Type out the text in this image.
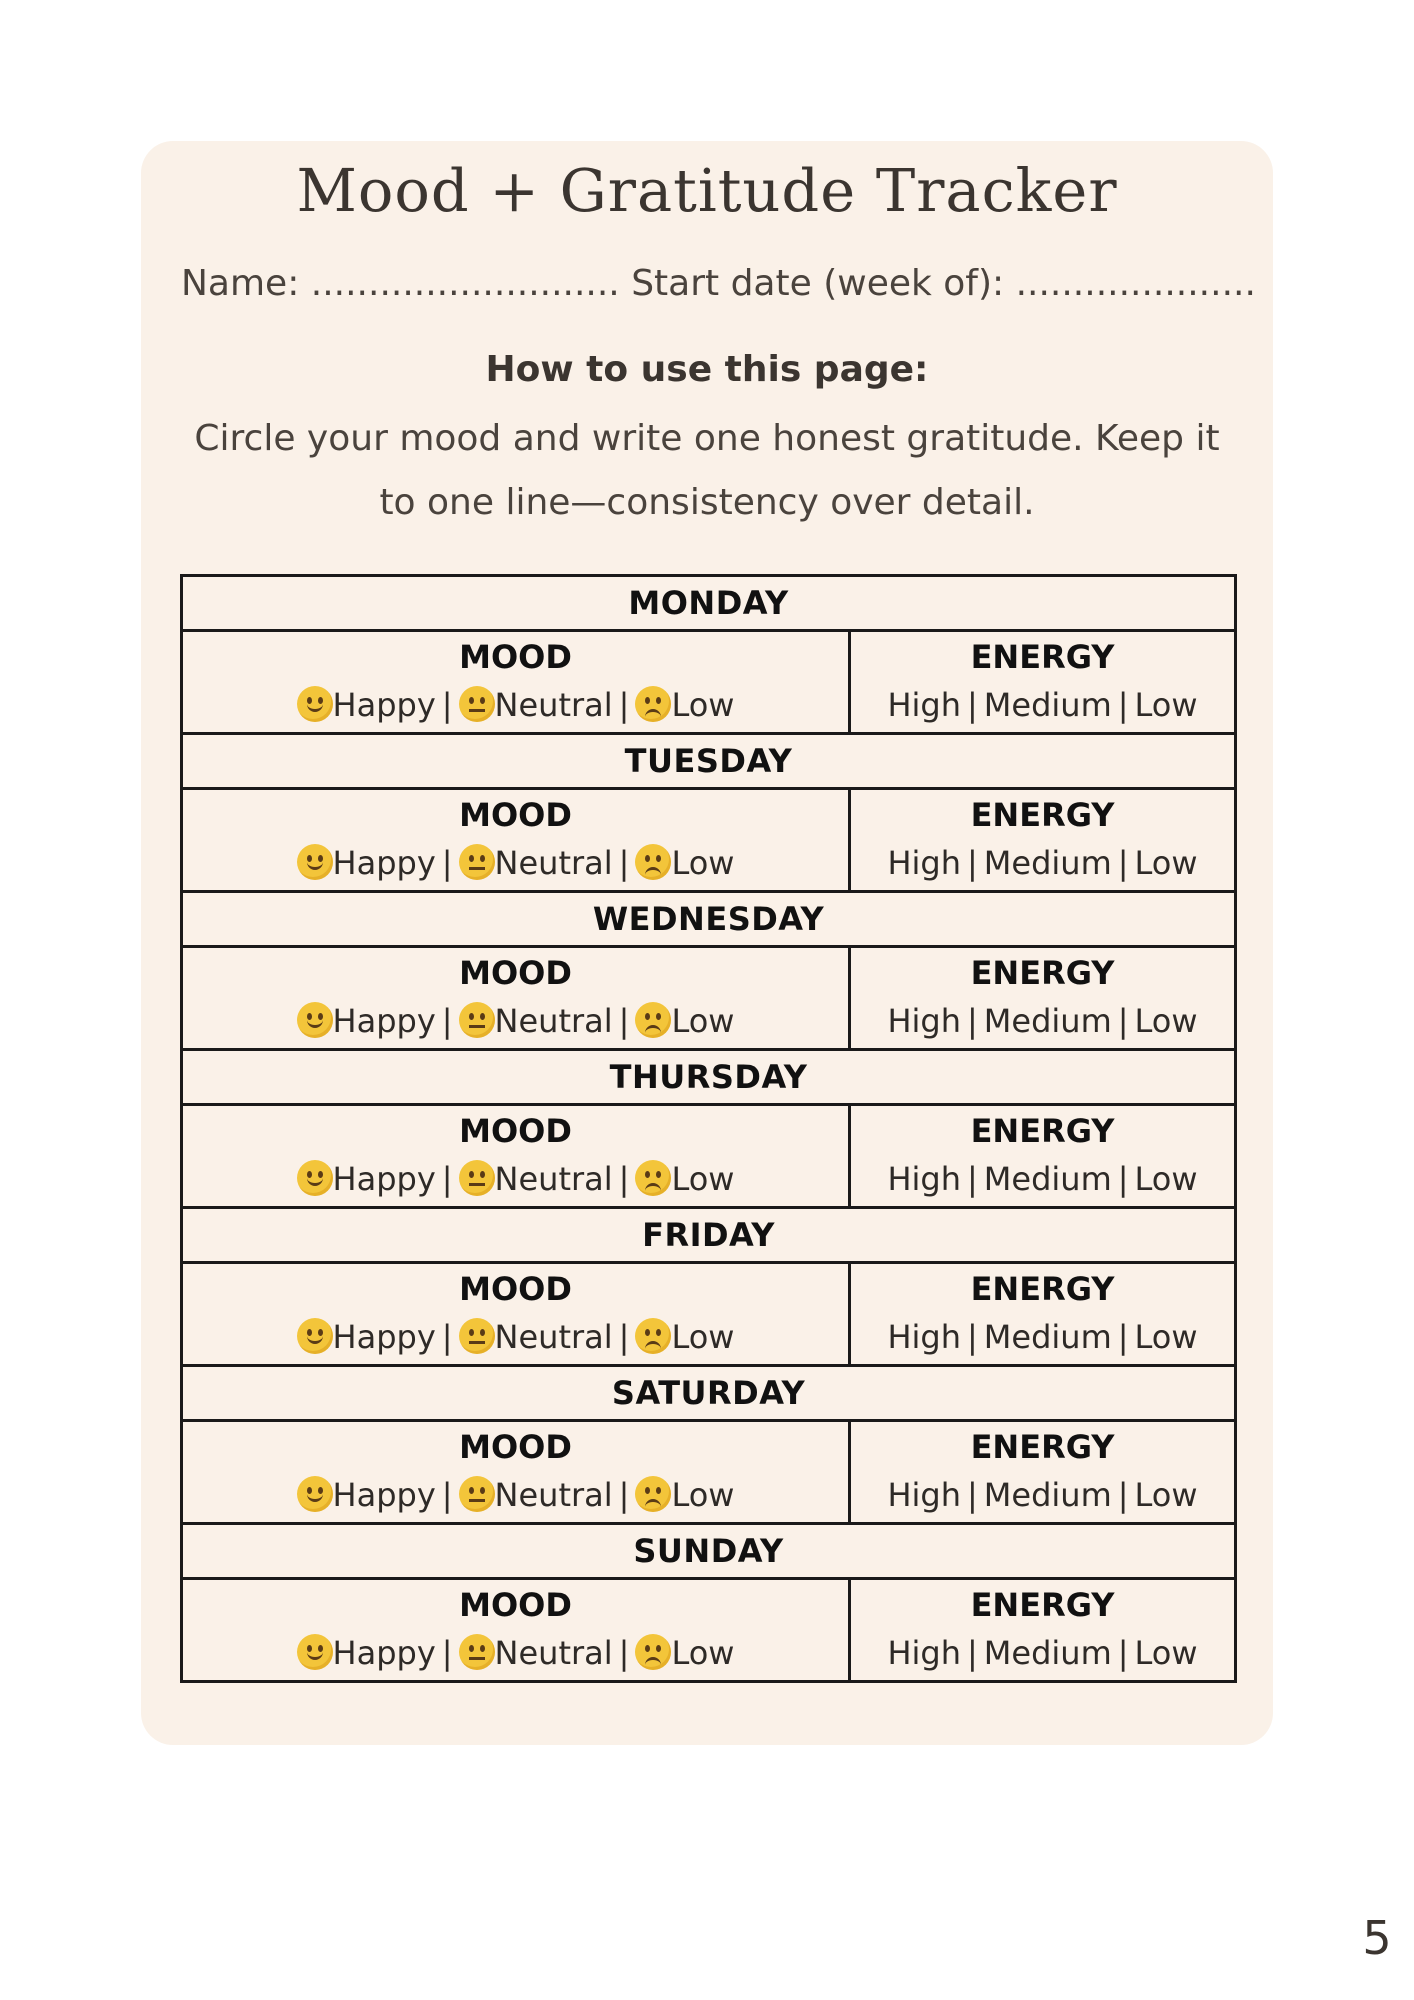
Mood + Gratitude Tracker
Name: ........................... Start date (week of): .....................
How to use this page:
Circle your mood and write one honest gratitude. Keep it to one line—consistency over detail.
MONDAY
MOOD
Happy | Neutral | Low
ENERGY
High | Medium | Low
TUESDAY
MOOD
Happy | Neutral | Low
ENERGY
High | Medium | Low
WEDNESDAY
MOOD
Happy | Neutral | Low
ENERGY
High | Medium | Low
THURSDAY
MOOD
Happy | Neutral | Low
ENERGY
High | Medium | Low
FRIDAY
MOOD
Happy | Neutral | Low
ENERGY
High | Medium | Low
SATURDAY
MOOD
Happy | Neutral | Low
ENERGY
High | Medium | Low
SUNDAY
MOOD
Happy | Neutral | Low
ENERGY
High | Medium | Low
5
